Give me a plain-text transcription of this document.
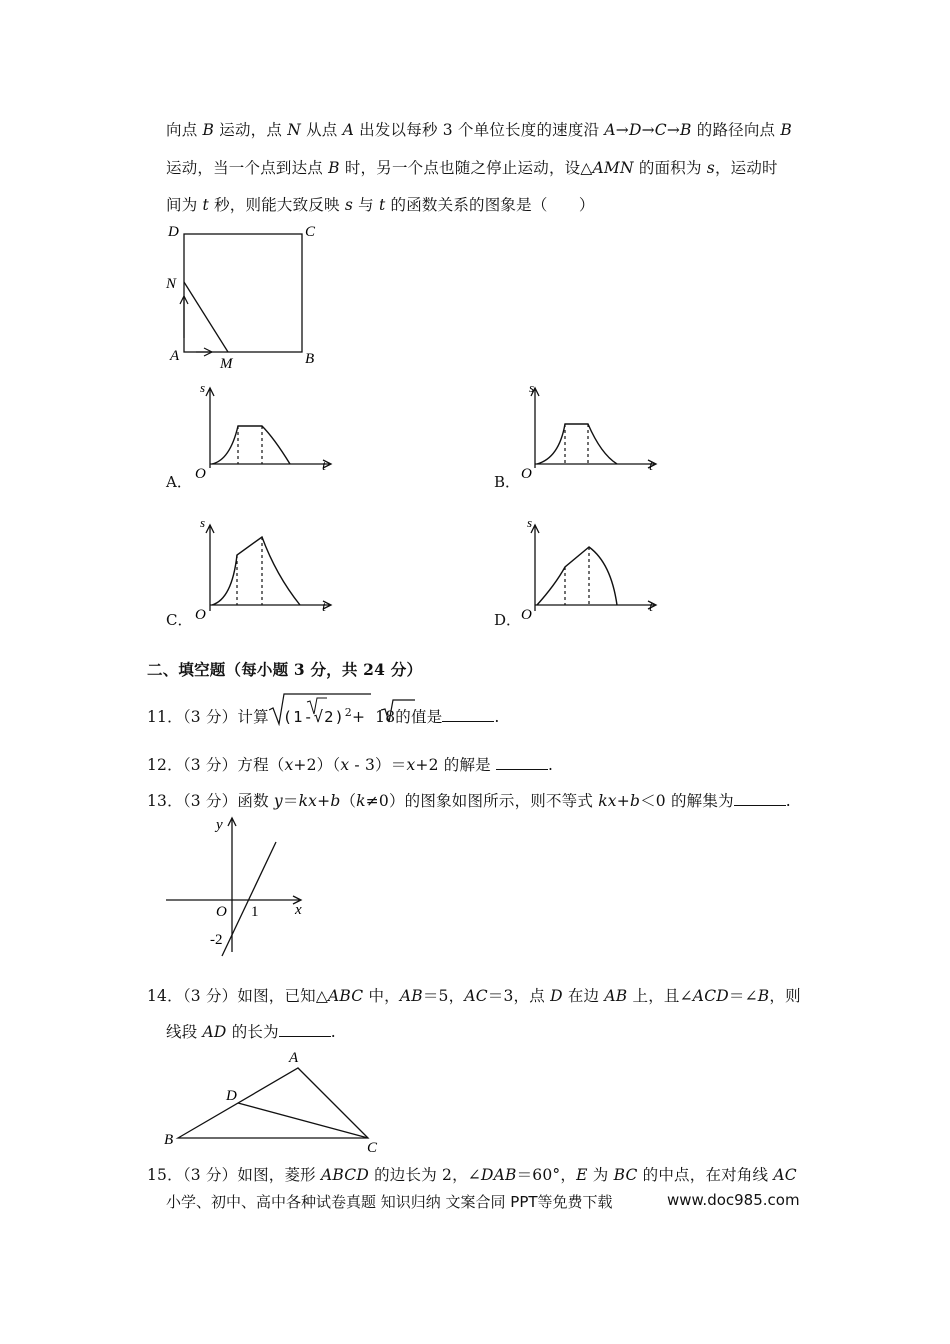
向点 B 运动，点 N 从点 A 出发以每秒 3 个单位长度的速度沿 A→D→C→B 的路径向点 B
运动，当一个点到达点 B 时，另一个点也随之停止运动，设△AMN 的面积为 s，运动时
间为 t 秒，则能大致反映 s 与 t 的函数关系的图象是（　　）
D	C
N
A	M	B
s
t
O
A．
s
t
O
B．
s
t
O
C．
s
t
O
D．
二、填空题（每小题 3 分，共 24 分）
11．（3 分）计算 $(1-√2)^2+ 18$的值是	.
12．（3 分）方程（x+2）（x - 3）＝x+2 的解是	.
13．（3 分）函数 y＝kx+b（k≠0）的图象如图所示，则不等式 kx+b＜0 的解集为	.
y
x
O 1
-2
14．（3 分）如图，已知△ABC 中，AB＝5，AC＝3，点 D 在边 AB 上，且∠ACD＝∠B，则
线段 AD 的长为	.
A
D
B	C
15．（3 分）如图，菱形 ABCD 的边长为 2，∠DAB＝60°，E 为 BC 的中点，在对角线 AC
小学、初中、高中各种试卷真题 知识归纳 文案合同 PPT等免费下载	www.doc985.com
